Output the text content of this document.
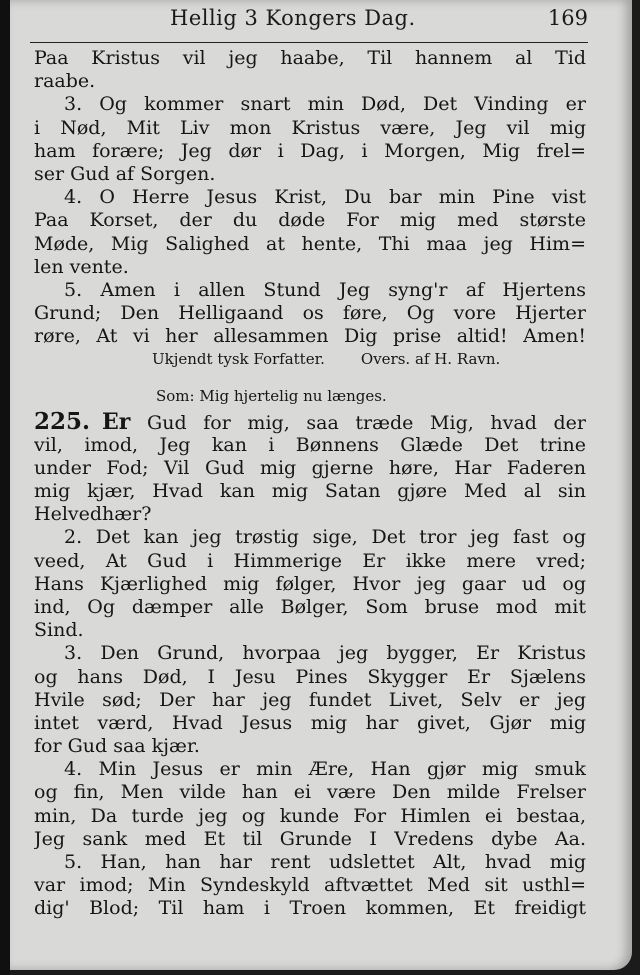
Hellig 3 Kongers Dag.	169
Paa Kristus vil jeg haabe, Til hannem al Tid
raabe.
3. Og kommer snart min Død, Det Vinding er
i Nød, Mit Liv mon Kristus være, Jeg vil mig
ham forære; Jeg dør i Dag, i Morgen, Mig frel=
ser Gud af Sorgen.
4. O Herre Jesus Krist, Du bar min Pine vist
Paa Korset, der du døde For mig med største
Møde, Mig Salighed at hente, Thi maa jeg Him=
len vente.
5. Amen i allen Stund Jeg syng'r af Hjertens
Grund; Den Helligaand os føre, Og vore Hjerter
røre, At vi her allesammen Dig prise altid! Amen!
Ukjendt tysk Forfatter. Overs. af H. Ravn.
Som: Mig hjertelig nu længes.
225. Er Gud for mig, saa træde Mig, hvad der
vil, imod, Jeg kan i Bønnens Glæde Det trine
under Fod; Vil Gud mig gjerne høre, Har Faderen
mig kjær, Hvad kan mig Satan gjøre Med al sin
Helvedhær?
2. Det kan jeg trøstig sige, Det tror jeg fast og
veed, At Gud i Himmerige Er ikke mere vred;
Hans Kjærlighed mig følger, Hvor jeg gaar ud og
ind, Og dæmper alle Bølger, Som bruse mod mit
Sind.
3. Den Grund, hvorpaa jeg bygger, Er Kristus
og hans Død, I Jesu Pines Skygger Er Sjælens
Hvile sød; Der har jeg fundet Livet, Selv er jeg
intet værd, Hvad Jesus mig har givet, Gjør mig
for Gud saa kjær.
4. Min Jesus er min Ære, Han gjør mig smuk
og fin, Men vilde han ei være Den milde Frelser
min, Da turde jeg og kunde For Himlen ei bestaa,
Jeg sank med Et til Grunde I Vredens dybe Aa.
5. Han, han har rent udslettet Alt, hvad mig
var imod; Min Syndeskyld aftvættet Med sit usthl=
dig' Blod; Til ham i Troen kommen, Et freidigt
